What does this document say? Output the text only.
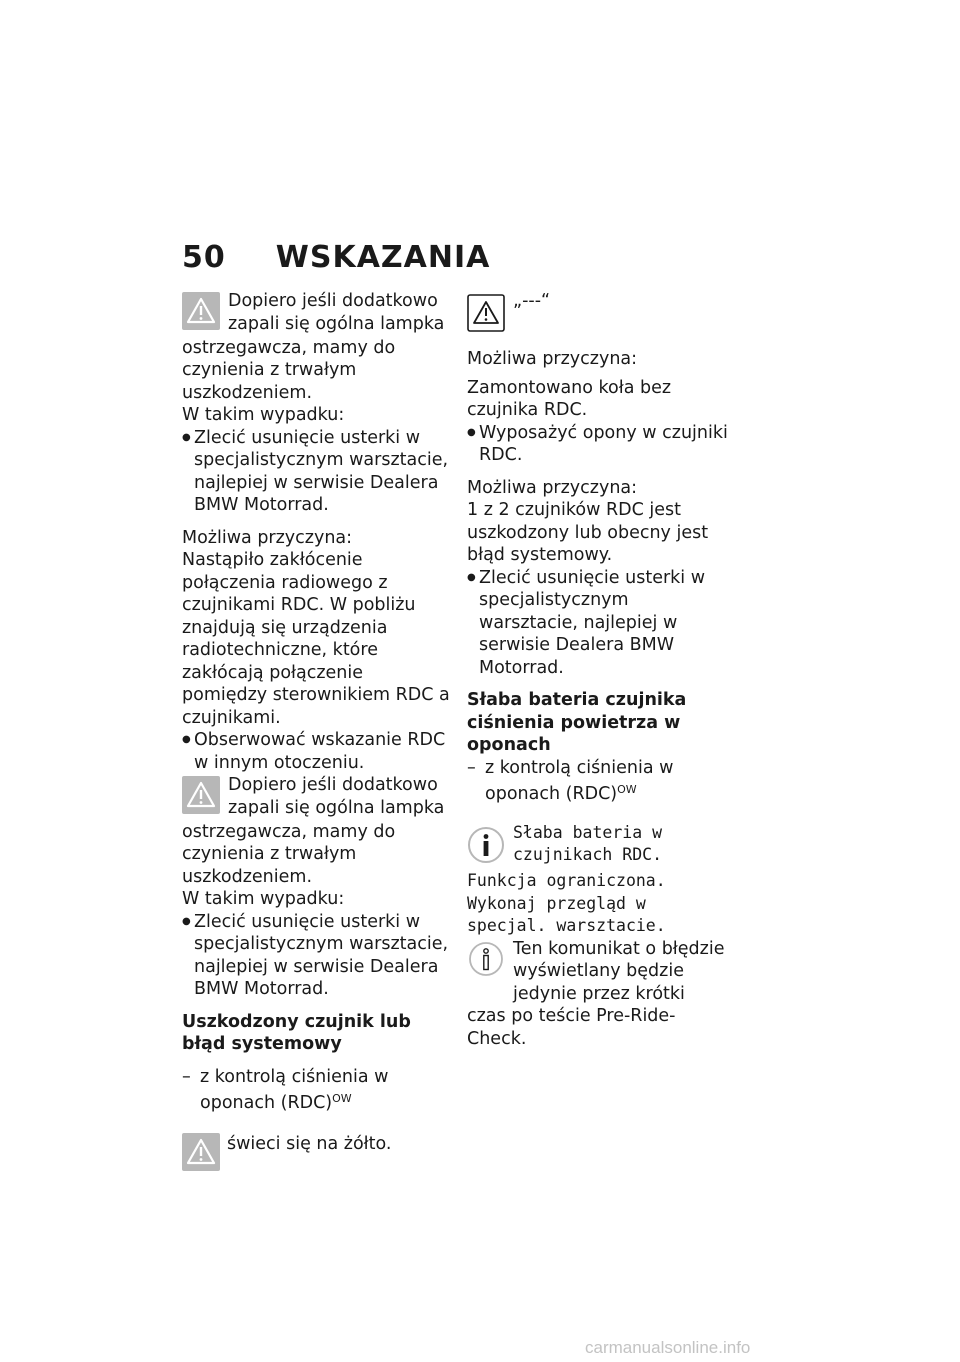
50 WSKAZANIA

Dopiero jeśli dodatkowo zapali się ogólna lampka

ostrzegawcza, mamy do czynienia z trwałym uszkodzeniem.

W takim wypadku:

● Zlecić usunięcie usterki w specjalistycznym warsztacie, najlepiej w serwisie Dealera BMW Motorrad.

Możliwa przyczyna:

Nastąpiło zakłócenie połączenia radiowego z czujnikami RDC. W pobliżu znajdują się urządzenia radiotechniczne, które zakłócają połączenie pomiędzy sterownikiem RDC a czujnikami.

● Obserwować wskazanie RDC w innym otoczeniu.

Dopiero jeśli dodatkowo zapali się ogólna lampka

ostrzegawcza, mamy do czynienia z trwałym uszkodzeniem.

W takim wypadku:

● Zlecić usunięcie usterki w specjalistycznym warsztacie, najlepiej w serwisie Dealera BMW Motorrad.

Uszkodzony czujnik lub błąd systemowy

– z kontrolą ciśnienia w oponach (RDC)$^{OW}$

świeci się na żółto.

„---“

Możliwa przyczyna:

Zamontowano koła bez czujnika RDC.

● Wyposażyć opony w czujniki RDC.

Możliwa przyczyna:

1 z 2 czujników RDC jest uszkodzony lub obecny jest błąd systemowy.

● Zlecić usunięcie usterki w specjalistycznym warsztacie, najlepiej w serwisie Dealera BMW Motorrad.

Słaba bateria czujnika ciśnienia powietrza w oponach

– z kontrolą ciśnienia w oponach (RDC)$^{OW}$

Słaba bateria w

czujnikach RDC.

Funkcja ograniczona.

Wykonaj przegląd w

specjal. warsztacie.

Ten komunikat o błędzie wyświetlany będzie jedynie przez krótki czas po teście Pre-Ride-Check.

carmanualsonline.info
